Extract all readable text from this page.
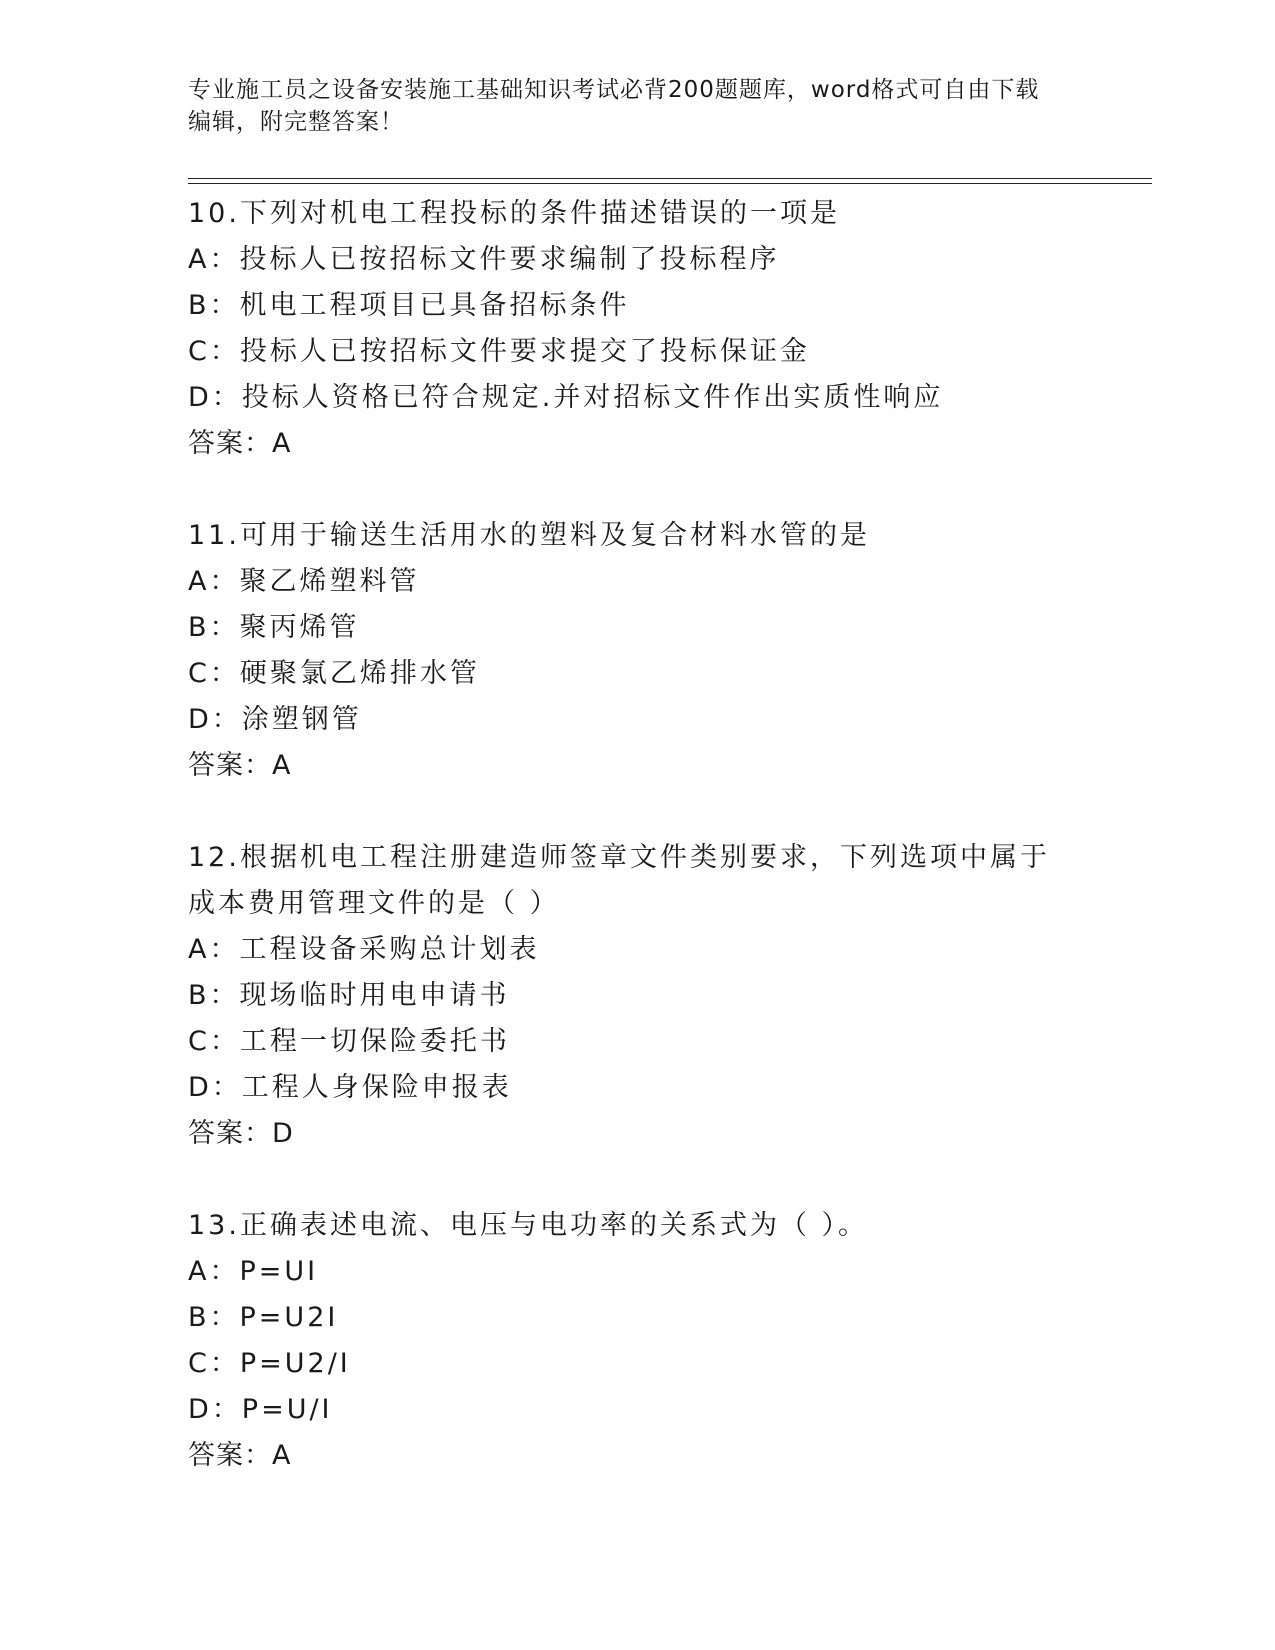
专业施工员之设备安装施工基础知识考试必背200题题库，word格式可自由下载
编辑，附完整答案！
10.下列对机电工程投标的条件描述错误的一项是
A：投标人已按招标文件要求编制了投标程序
B：机电工程项目已具备招标条件
C：投标人已按招标文件要求提交了投标保证金
D：投标人资格已符合规定.并对招标文件作出实质性响应
答案：A
11.可用于输送生活用水的塑料及复合材料水管的是
A：聚乙烯塑料管
B：聚丙烯管
C：硬聚氯乙烯排水管
D：涂塑钢管
答案：A
12.根据机电工程注册建造师签章文件类别要求，下列选项中属于成本费用管理文件的是（ ）
A：工程设备采购总计划表
B：现场临时用电申请书
C：工程一切保险委托书
D：工程人身保险申报表
答案：D
13.正确表述电流、电压与电功率的关系式为（ ）。
A：P=UI
B：P=U2I
C：P=U2/I
D：P=U/I
答案：A
